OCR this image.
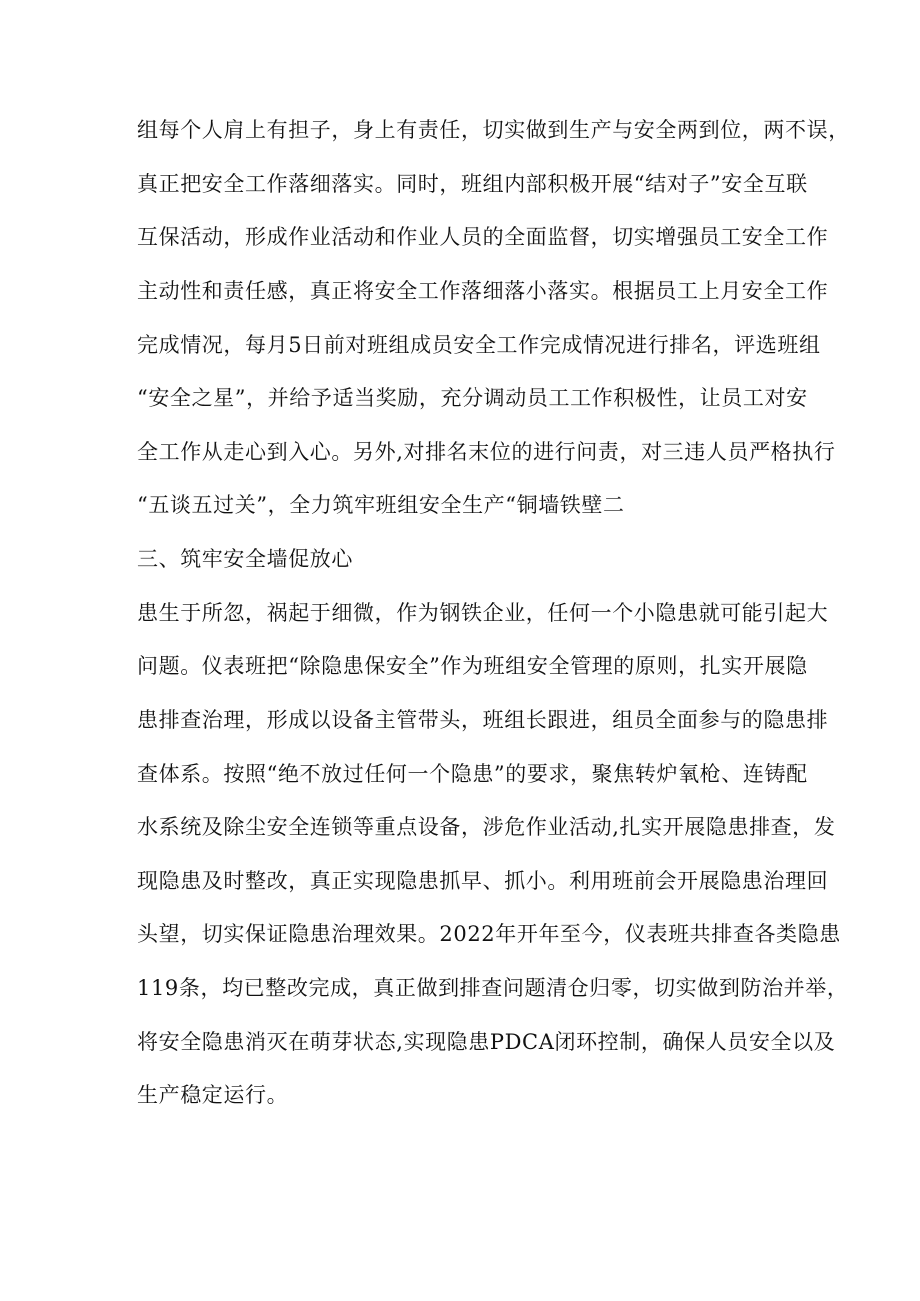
组每个人肩上有担子，身上有责任，切实做到生产与安全两到位，两不误，
真正把安全工作落细落实。同时，班组内部积极开展“结对子”安全互联
互保活动，形成作业活动和作业人员的全面监督，切实增强员工安全工作
主动性和责任感，真正将安全工作落细落小落实。根据员工上月安全工作
完成情况，每月5日前对班组成员安全工作完成情况进行排名，评选班组
“安全之星”，并给予适当奖励，充分调动员工工作积极性，让员工对安
全工作从走心到入心。另外,对排名末位的进行问责，对三违人员严格执行
“五谈五过关”，全力筑牢班组安全生产“铜墙铁壁二
三、筑牢安全墙促放心
患生于所忽，祸起于细微，作为钢铁企业，任何一个小隐患就可能引起大
问题。仪表班把“除隐患保安全”作为班组安全管理的原则，扎实开展隐
患排查治理，形成以设备主管带头，班组长跟进，组员全面参与的隐患排
查体系。按照“绝不放过任何一个隐患”的要求，聚焦转炉氧枪、连铸配
水系统及除尘安全连锁等重点设备，涉危作业活动,扎实开展隐患排查，发
现隐患及时整改，真正实现隐患抓早、抓小。利用班前会开展隐患治理回
头望，切实保证隐患治理效果。2022年开年至今，仪表班共排查各类隐患
119条，均已整改完成，真正做到排查问题清仓归零，切实做到防治并举，
将安全隐患消灭在萌芽状态,实现隐患PDCA闭环控制，确保人员安全以及
生产稳定运行。
